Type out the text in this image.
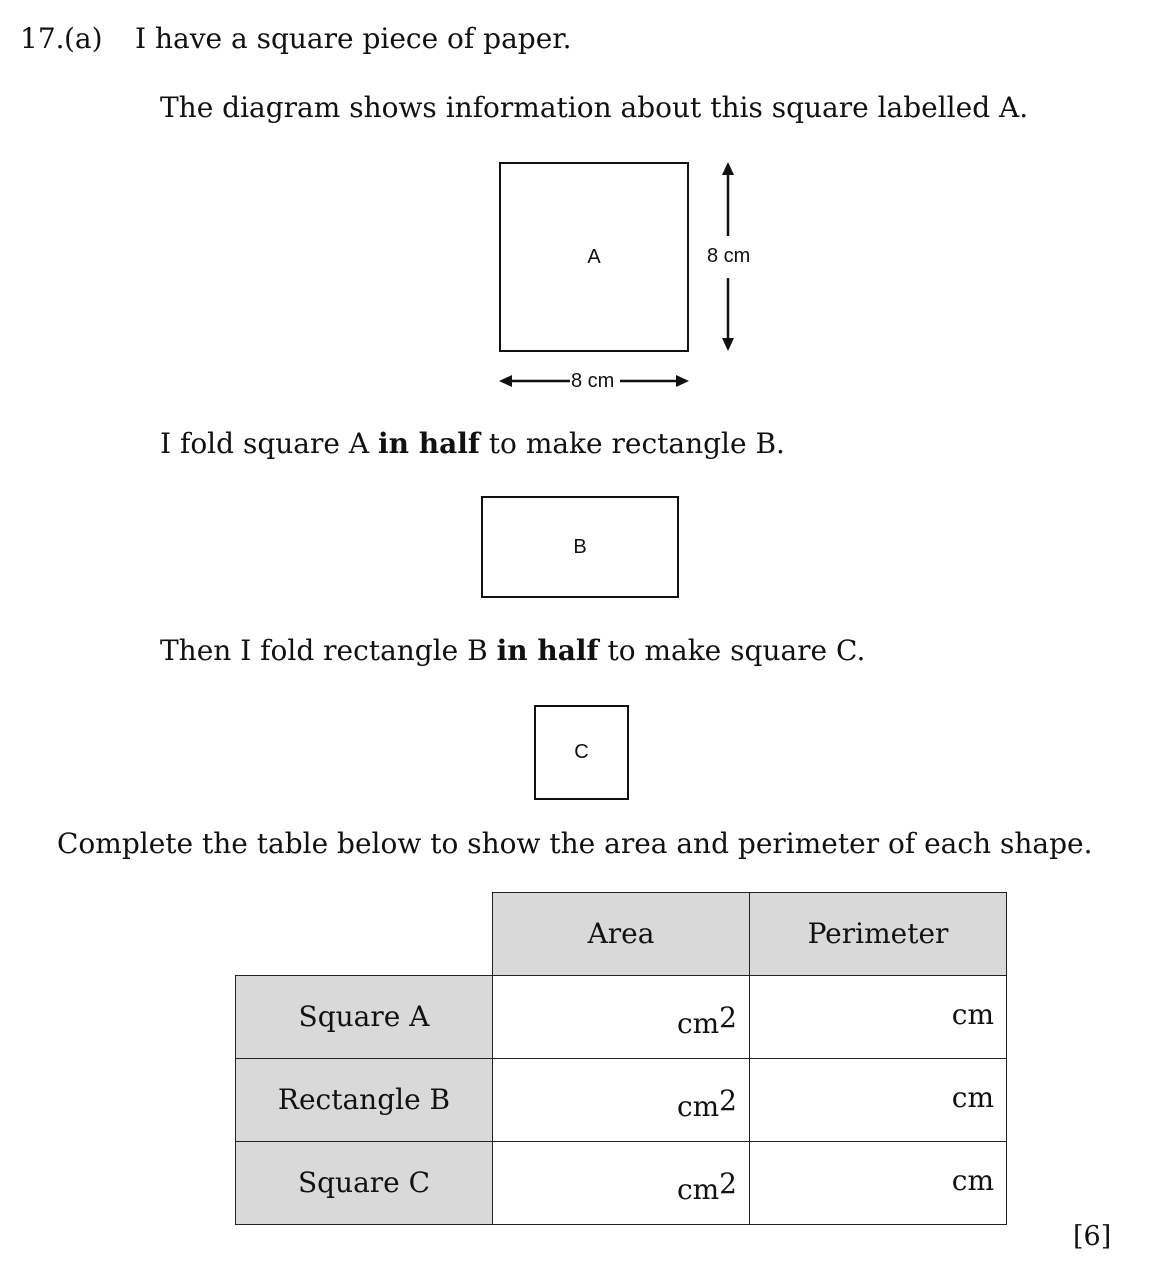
17. (a) I have a square piece of paper.
The diagram shows information about this square labelled A.
A	8 cm
8 cm
I fold square A in half to make rectangle B.
B
Then I fold rectangle B in half to make square C.
C
Complete the table below to show the area and perimeter of each shape.
	Area	Perimeter
Square A	$cm^2$	cm

Rectangle B	$cm^2$	cm

Square C	$cm^2$	cm
[6]
